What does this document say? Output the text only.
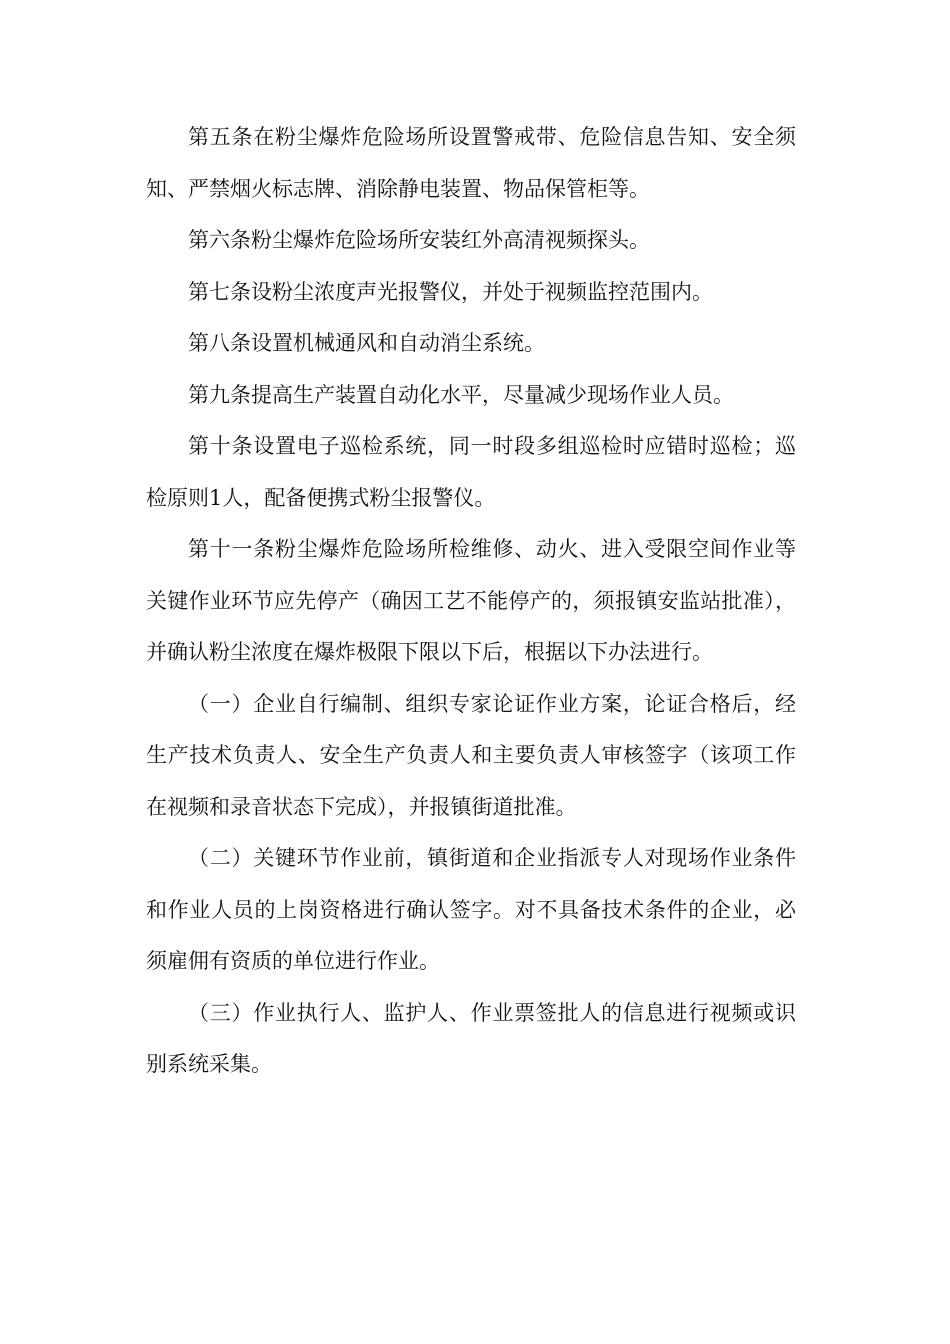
第五条在粉尘爆炸危险场所设置警戒带、危险信息告知、安全须知、严禁烟火标志牌、消除静电装置、物品保管柜等。

第六条粉尘爆炸危险场所安装红外高清视频探头。

第七条设粉尘浓度声光报警仪，并处于视频监控范围内。

第八条设置机械通风和自动消尘系统。

第九条提高生产装置自动化水平，尽量减少现场作业人员。

第十条设置电子巡检系统，同一时段多组巡检时应错时巡检；巡检原则1人，配备便携式粉尘报警仪。

第十一条粉尘爆炸危险场所检维修、动火、进入受限空间作业等关键作业环节应先停产（确因工艺不能停产的，须报镇安监站批准），并确认粉尘浓度在爆炸极限下限以下后，根据以下办法进行。

（一）企业自行编制、组织专家论证作业方案，论证合格后，经生产技术负责人、安全生产负责人和主要负责人审核签字（该项工作在视频和录音状态下完成），并报镇街道批准。

（二）关键环节作业前，镇街道和企业指派专人对现场作业条件和作业人员的上岗资格进行确认签字。对不具备技术条件的企业，必须雇佣有资质的单位进行作业。

（三）作业执行人、监护人、作业票签批人的信息进行视频或识别系统采集。
